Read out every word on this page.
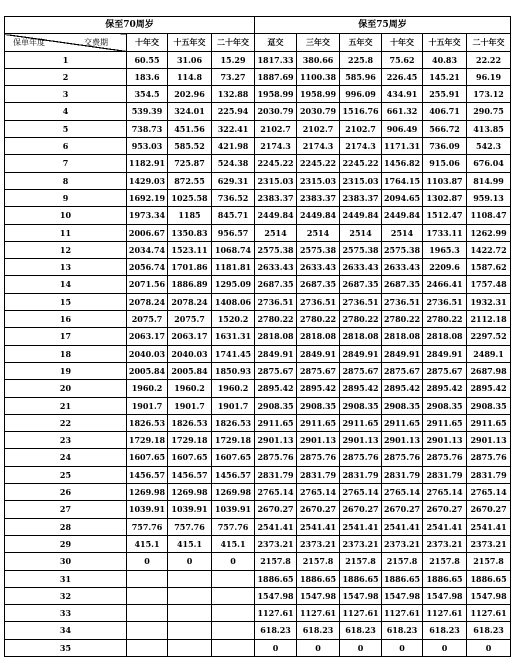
保至70周岁				保至75周岁					

交费期
保单年度	十年交	十五年交	二十年交	趸交	三年交	五年交	十年交	十五年交	二十年交
1	60.55	31.06	15.29	1817.33	380.66	225.8	75.62	40.83	22.22
2	183.6	114.8	73.27	1887.69	1100.38	585.96	226.45	145.21	96.19
3	354.5	202.96	132.88	1958.99	1958.99	996.09	434.91	255.91	173.12
4	539.39	324.01	225.94	2030.79	2030.79	1516.76	661.32	406.71	290.75
5	738.73	451.56	322.41	2102.7	2102.7	2102.7	906.49	566.72	413.85
6	953.03	585.52	421.98	2174.3	2174.3	2174.3	1171.31	736.09	542.3
7	1182.91	725.87	524.38	2245.22	2245.22	2245.22	1456.82	915.06	676.04
8	1429.03	872.55	629.31	2315.03	2315.03	2315.03	1764.15	1103.87	814.99
9	1692.19	1025.58	736.52	2383.37	2383.37	2383.37	2094.65	1302.87	959.13
10	1973.34	1185	845.71	2449.84	2449.84	2449.84	2449.84	1512.47	1108.47
11	2006.67	1350.83	956.57	2514	2514	2514	2514	1733.11	1262.99
12	2034.74	1523.11	1068.74	2575.38	2575.38	2575.38	2575.38	1965.3	1422.72
13	2056.74	1701.86	1181.81	2633.43	2633.43	2633.43	2633.43	2209.6	1587.62
14	2071.56	1886.89	1295.09	2687.35	2687.35	2687.35	2687.35	2466.41	1757.48
15	2078.24	2078.24	1408.06	2736.51	2736.51	2736.51	2736.51	2736.51	1932.31
16	2075.7	2075.7	1520.2	2780.22	2780.22	2780.22	2780.22	2780.22	2112.18
17	2063.17	2063.17	1631.31	2818.08	2818.08	2818.08	2818.08	2818.08	2297.52
18	2040.03	2040.03	1741.45	2849.91	2849.91	2849.91	2849.91	2849.91	2489.1
19	2005.84	2005.84	1850.93	2875.67	2875.67	2875.67	2875.67	2875.67	2687.98
20	1960.2	1960.2	1960.2	2895.42	2895.42	2895.42	2895.42	2895.42	2895.42
21	1901.7	1901.7	1901.7	2908.35	2908.35	2908.35	2908.35	2908.35	2908.35
22	1826.53	1826.53	1826.53	2911.65	2911.65	2911.65	2911.65	2911.65	2911.65
23	1729.18	1729.18	1729.18	2901.13	2901.13	2901.13	2901.13	2901.13	2901.13
24	1607.65	1607.65	1607.65	2875.76	2875.76	2875.76	2875.76	2875.76	2875.76
25	1456.57	1456.57	1456.57	2831.79	2831.79	2831.79	2831.79	2831.79	2831.79
26	1269.98	1269.98	1269.98	2765.14	2765.14	2765.14	2765.14	2765.14	2765.14
27	1039.91	1039.91	1039.91	2670.27	2670.27	2670.27	2670.27	2670.27	2670.27
28	757.76	757.76	757.76	2541.41	2541.41	2541.41	2541.41	2541.41	2541.41
29	415.1	415.1	415.1	2373.21	2373.21	2373.21	2373.21	2373.21	2373.21
30	0	0	0	2157.8	2157.8	2157.8	2157.8	2157.8	2157.8
31				1886.65	1886.65	1886.65	1886.65	1886.65	1886.65
32				1547.98	1547.98	1547.98	1547.98	1547.98	1547.98
33				1127.61	1127.61	1127.61	1127.61	1127.61	1127.61
34				618.23	618.23	618.23	618.23	618.23	618.23
35				0	0	0	0	0	0
